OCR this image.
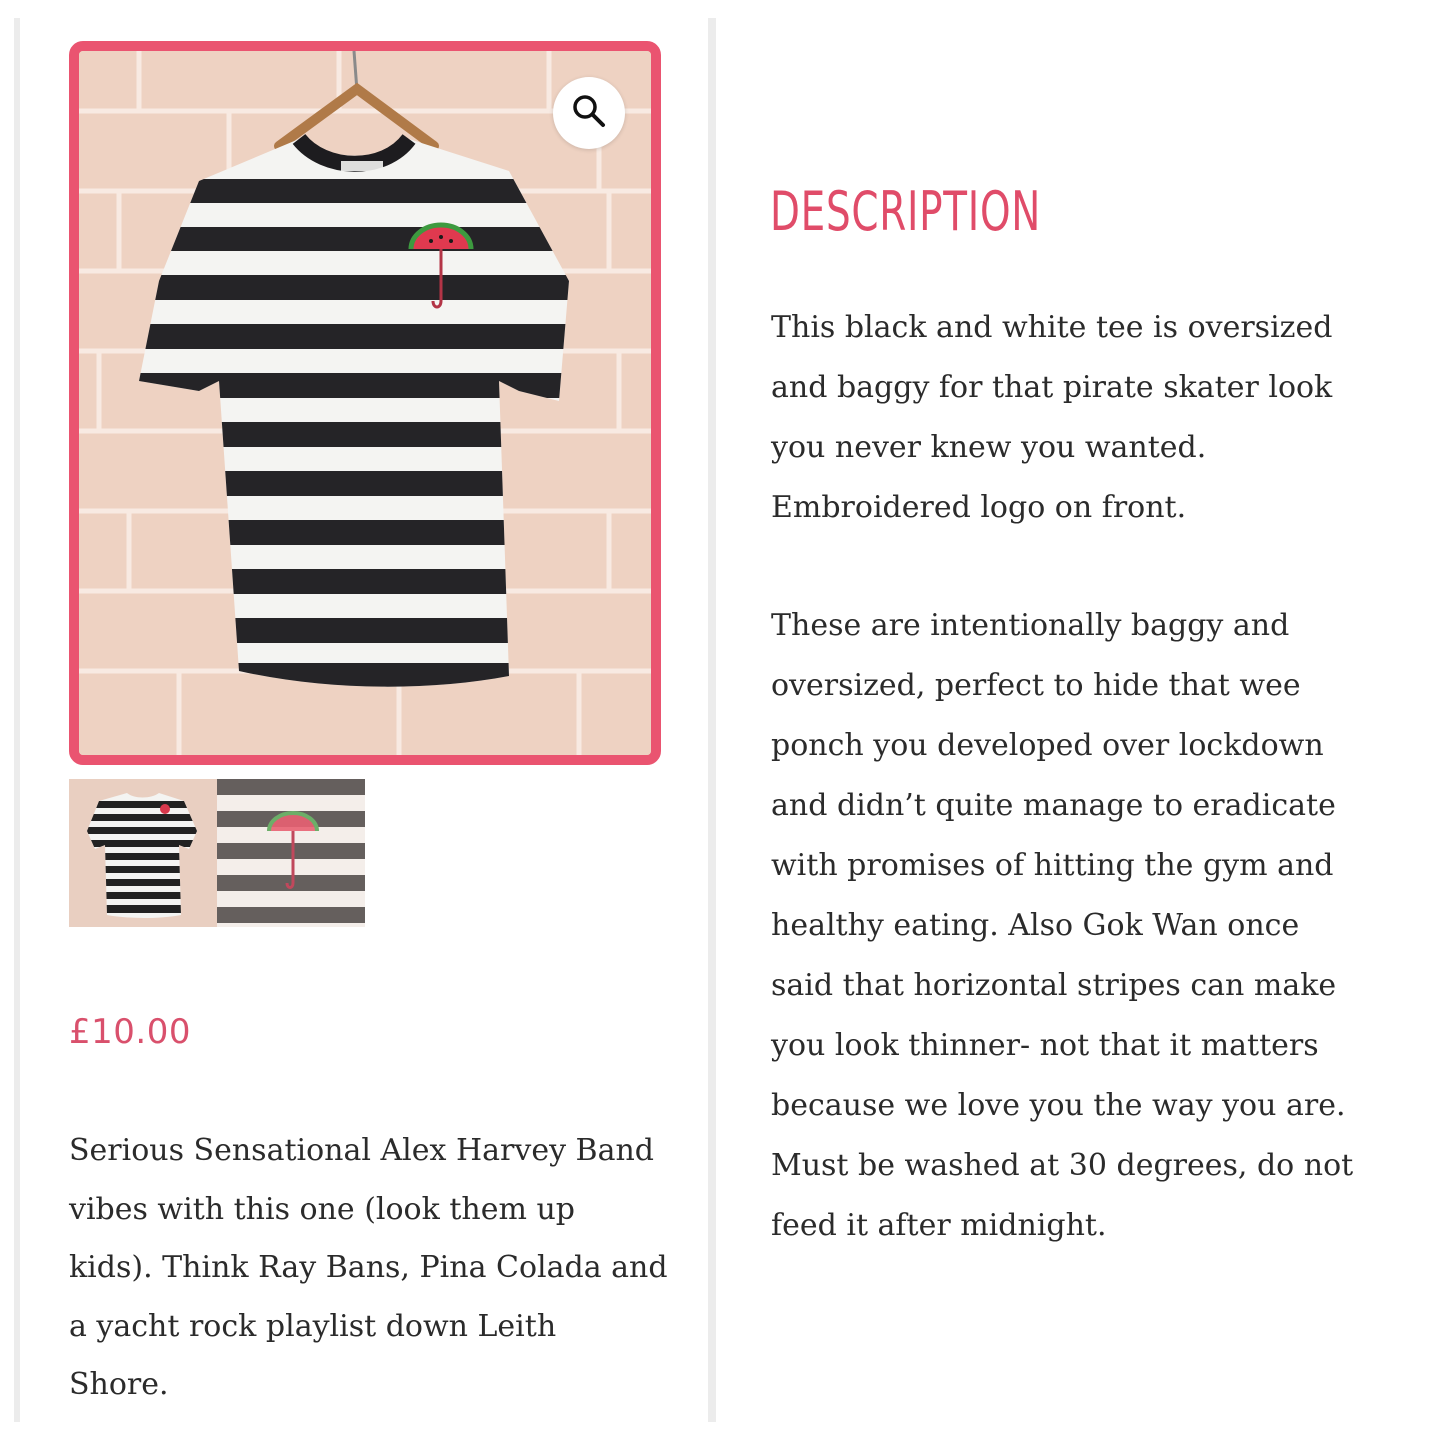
£10.00

Serious Sensational Alex Harvey Band
vibes with this one (look them up
kids). Think Ray Bans, Pina Colada and
a yacht rock playlist down Leith
Shore.

DESCRIPTION

This black and white tee is oversized
and baggy for that pirate skater look
you never knew you wanted.
Embroidered logo on front.

These are intentionally baggy and
oversized, perfect to hide that wee
ponch you developed over lockdown
and didn’t quite manage to eradicate
with promises of hitting the gym and
healthy eating. Also Gok Wan once
said that horizontal stripes can make
you look thinner- not that it matters
because we love you the way you are.
Must be washed at 30 degrees, do not
feed it after midnight.
